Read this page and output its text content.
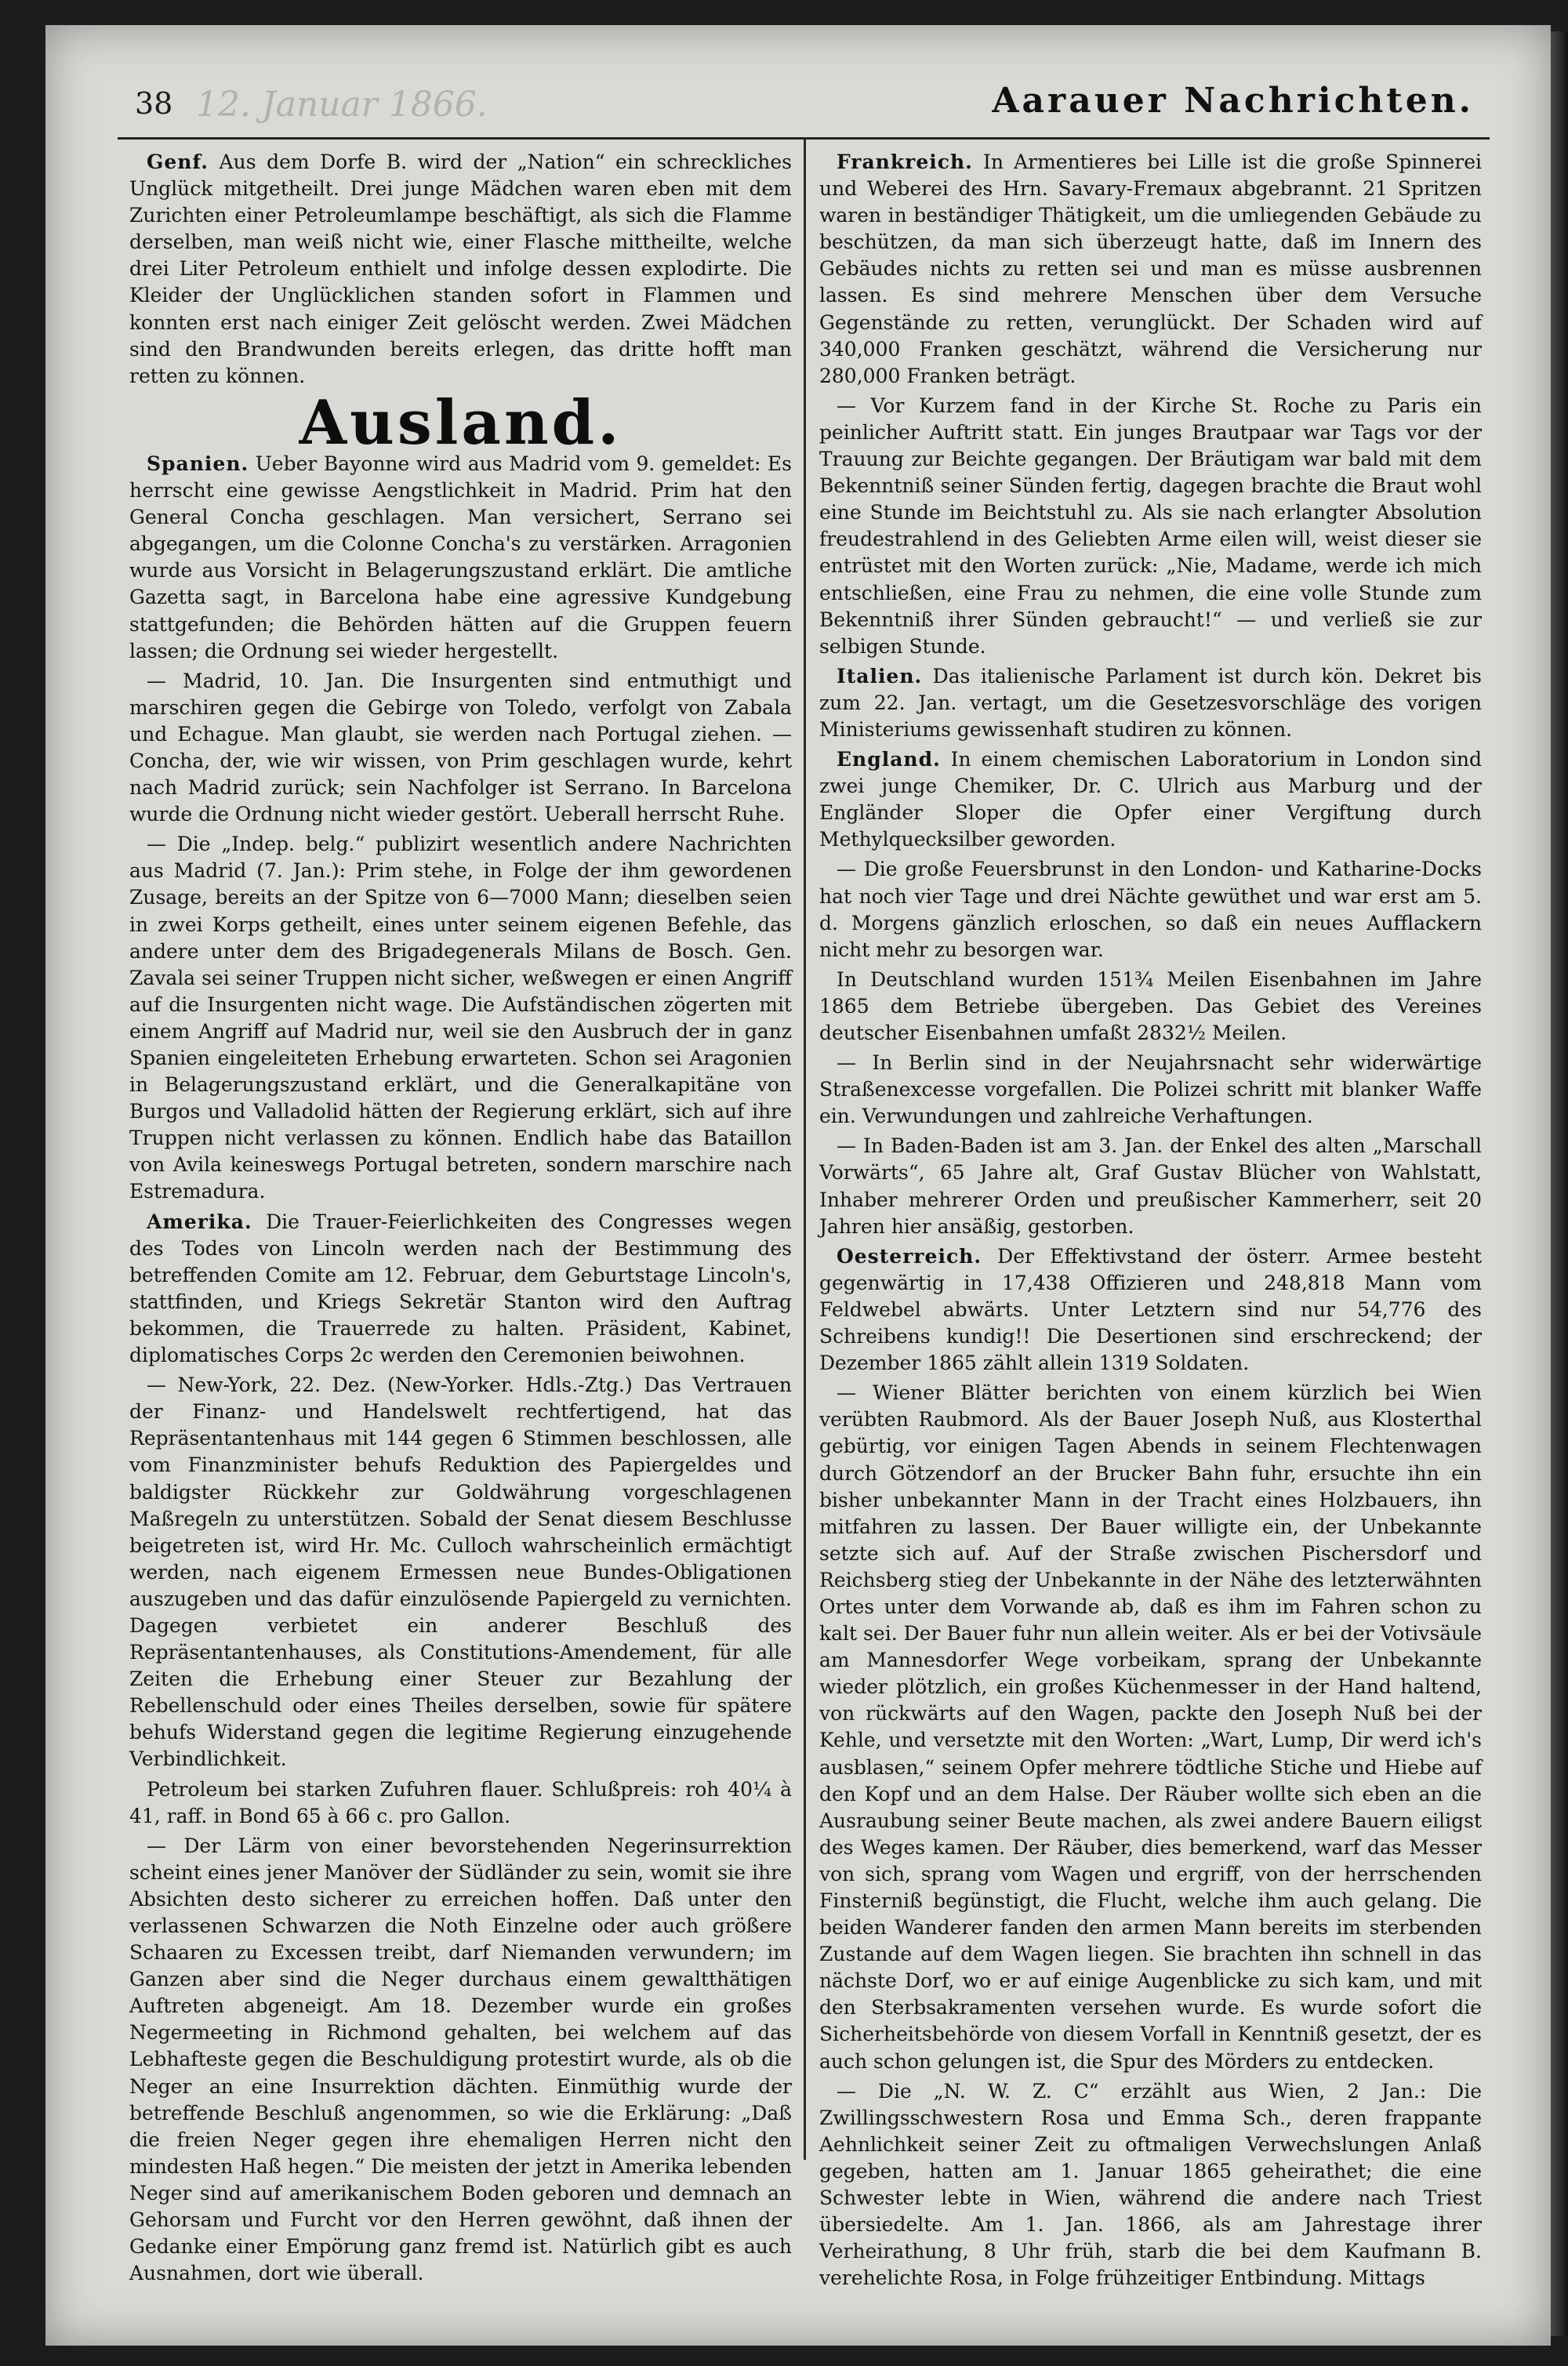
12. Januar 1866.
38	Aarauer Nachrichten.

Genf. Aus dem Dorfe B. wird der „Nation“ ein schreckliches Unglück mitgetheilt. Drei junge Mädchen waren eben mit dem Zurichten einer Petroleumlampe beschäftigt, als sich die Flamme derselben, man weiß nicht wie, einer Flasche mittheilte, welche drei Liter Petroleum enthielt und infolge dessen explodirte. Die Kleider der Unglücklichen standen sofort in Flammen und konnten erst nach einiger Zeit gelöscht werden. Zwei Mädchen sind den Brandwunden bereits erlegen, das dritte hofft man retten zu können.

Ausland.

Spanien. Ueber Bayonne wird aus Madrid vom 9. gemeldet: Es herrscht eine gewisse Aengstlichkeit in Madrid. Prim hat den General Concha geschlagen. Man versichert, Serrano sei abgegangen, um die Colonne Concha's zu verstärken. Arragonien wurde aus Vorsicht in Belagerungszustand erklärt. Die amtliche Gazetta sagt, in Barcelona habe eine agressive Kundgebung stattgefunden; die Behörden hätten auf die Gruppen feuern lassen; die Ordnung sei wieder hergestellt.

— Madrid, 10. Jan. Die Insurgenten sind entmuthigt und marschiren gegen die Gebirge von Toledo, verfolgt von Zabala und Echague. Man glaubt, sie werden nach Portugal ziehen. — Concha, der, wie wir wissen, von Prim geschlagen wurde, kehrt nach Madrid zurück; sein Nachfolger ist Serrano. In Barcelona wurde die Ordnung nicht wieder gestört. Ueberall herrscht Ruhe.

— Die „Indep. belg.“ publizirt wesentlich andere Nachrichten aus Madrid (7. Jan.): Prim stehe, in Folge der ihm gewordenen Zusage, bereits an der Spitze von 6—7000 Mann; dieselben seien in zwei Korps getheilt, eines unter seinem eigenen Befehle, das andere unter dem des Brigadegenerals Milans de Bosch. Gen. Zavala sei seiner Truppen nicht sicher, weßwegen er einen Angriff auf die Insurgenten nicht wage. Die Aufständischen zögerten mit einem Angriff auf Madrid nur, weil sie den Ausbruch der in ganz Spanien eingeleiteten Erhebung erwarteten. Schon sei Aragonien in Belagerungszustand erklärt, und die Generalkapitäne von Burgos und Valladolid hätten der Regierung erklärt, sich auf ihre Truppen nicht verlassen zu können. Endlich habe das Bataillon von Avila keineswegs Portugal betreten, sondern marschire nach Estremadura.

Amerika. Die Trauer-Feierlichkeiten des Congresses wegen des Todes von Lincoln werden nach der Bestimmung des betreffenden Comite am 12. Februar, dem Geburtstage Lincoln's, stattfinden, und Kriegs Sekretär Stanton wird den Auftrag bekommen, die Trauerrede zu halten. Präsident, Kabinet, diplomatisches Corps 2c werden den Ceremonien beiwohnen.

— New-York, 22. Dez. (New-Yorker. Hdls.-Ztg.) Das Vertrauen der Finanz- und Handelswelt rechtfertigend, hat das Repräsentantenhaus mit 144 gegen 6 Stimmen beschlossen, alle vom Finanzminister behufs Reduktion des Papiergeldes und baldigster Rückkehr zur Goldwährung vorgeschlagenen Maßregeln zu unterstützen. Sobald der Senat diesem Beschlusse beigetreten ist, wird Hr. Mc. Culloch wahrscheinlich ermächtigt werden, nach eigenem Ermessen neue Bundes-Obligationen auszugeben und das dafür einzulösende Papiergeld zu vernichten. Dagegen verbietet ein anderer Beschluß des Repräsentantenhauses, als Constitutions-Amendement, für alle Zeiten die Erhebung einer Steuer zur Bezahlung der Rebellenschuld oder eines Theiles derselben, sowie für spätere behufs Widerstand gegen die legitime Regierung einzugehende Verbindlichkeit.

Petroleum bei starken Zufuhren flauer. Schlußpreis: roh 40¼ à 41, raff. in Bond 65 à 66 c. pro Gallon.

— Der Lärm von einer bevorstehenden Negerinsurrektion scheint eines jener Manöver der Südländer zu sein, womit sie ihre Absichten desto sicherer zu erreichen hoffen. Daß unter den verlassenen Schwarzen die Noth Einzelne oder auch größere Schaaren zu Excessen treibt, darf Niemanden verwundern; im Ganzen aber sind die Neger durchaus einem gewaltthätigen Auftreten abgeneigt. Am 18. Dezember wurde ein großes Negermeeting in Richmond gehalten, bei welchem auf das Lebhafteste gegen die Beschuldigung protestirt wurde, als ob die Neger an eine Insurrektion dächten. Einmüthig wurde der betreffende Beschluß angenommen, so wie die Erklärung: „Daß die freien Neger gegen ihre ehemaligen Herren nicht den mindesten Haß hegen.“ Die meisten der jetzt in Amerika lebenden Neger sind auf amerikanischem Boden geboren und demnach an Gehorsam und Furcht vor den Herren gewöhnt, daß ihnen der Gedanke einer Empörung ganz fremd ist. Natürlich gibt es auch Ausnahmen, dort wie überall.

Frankreich. In Armentieres bei Lille ist die große Spinnerei und Weberei des Hrn. Savary-Fremaux abgebrannt. 21 Spritzen waren in beständiger Thätigkeit, um die umliegenden Gebäude zu beschützen, da man sich überzeugt hatte, daß im Innern des Gebäudes nichts zu retten sei und man es müsse ausbrennen lassen. Es sind mehrere Menschen über dem Versuche Gegenstände zu retten, verunglückt. Der Schaden wird auf 340,000 Franken geschätzt, während die Versicherung nur 280,000 Franken beträgt.

— Vor Kurzem fand in der Kirche St. Roche zu Paris ein peinlicher Auftritt statt. Ein junges Brautpaar war Tags vor der Trauung zur Beichte gegangen. Der Bräutigam war bald mit dem Bekenntniß seiner Sünden fertig, dagegen brachte die Braut wohl eine Stunde im Beichtstuhl zu. Als sie nach erlangter Absolution freudestrahlend in des Geliebten Arme eilen will, weist dieser sie entrüstet mit den Worten zurück: „Nie, Madame, werde ich mich entschließen, eine Frau zu nehmen, die eine volle Stunde zum Bekenntniß ihrer Sünden gebraucht!“ — und verließ sie zur selbigen Stunde.

Italien. Das italienische Parlament ist durch kön. Dekret bis zum 22. Jan. vertagt, um die Gesetzesvorschläge des vorigen Ministeriums gewissenhaft studiren zu können.

England. In einem chemischen Laboratorium in London sind zwei junge Chemiker, Dr. C. Ulrich aus Marburg und der Engländer Sloper die Opfer einer Vergiftung durch Methylquecksilber geworden.

— Die große Feuersbrunst in den London- und Katharine-Docks hat noch vier Tage und drei Nächte gewüthet und war erst am 5. d. Morgens gänzlich erloschen, so daß ein neues Aufflackern nicht mehr zu besorgen war.

In Deutschland wurden 151¾ Meilen Eisenbahnen im Jahre 1865 dem Betriebe übergeben. Das Gebiet des Vereines deutscher Eisenbahnen umfaßt 2832½ Meilen.

— In Berlin sind in der Neujahrsnacht sehr widerwärtige Straßenexcesse vorgefallen. Die Polizei schritt mit blanker Waffe ein. Verwundungen und zahlreiche Verhaftungen.

— In Baden-Baden ist am 3. Jan. der Enkel des alten „Marschall Vorwärts“, 65 Jahre alt, Graf Gustav Blücher von Wahlstatt, Inhaber mehrerer Orden und preußischer Kammerherr, seit 20 Jahren hier ansäßig, gestorben.

Oesterreich. Der Effektivstand der österr. Armee besteht gegenwärtig in 17,438 Offizieren und 248,818 Mann vom Feldwebel abwärts. Unter Letztern sind nur 54,776 des Schreibens kundig!! Die Desertionen sind erschreckend; der Dezember 1865 zählt allein 1319 Soldaten.

— Wiener Blätter berichten von einem kürzlich bei Wien verübten Raubmord. Als der Bauer Joseph Nuß, aus Klosterthal gebürtig, vor einigen Tagen Abends in seinem Flechtenwagen durch Götzendorf an der Brucker Bahn fuhr, ersuchte ihn ein bisher unbekannter Mann in der Tracht eines Holzbauers, ihn mitfahren zu lassen. Der Bauer willigte ein, der Unbekannte setzte sich auf. Auf der Straße zwischen Pischersdorf und Reichsberg stieg der Unbekannte in der Nähe des letzterwähnten Ortes unter dem Vorwande ab, daß es ihm im Fahren schon zu kalt sei. Der Bauer fuhr nun allein weiter. Als er bei der Votivsäule am Mannesdorfer Wege vorbeikam, sprang der Unbekannte wieder plötzlich, ein großes Küchenmesser in der Hand haltend, von rückwärts auf den Wagen, packte den Joseph Nuß bei der Kehle, und versetzte mit den Worten: „Wart, Lump, Dir werd ich's ausblasen,“ seinem Opfer mehrere tödtliche Stiche und Hiebe auf den Kopf und an dem Halse. Der Räuber wollte sich eben an die Ausraubung seiner Beute machen, als zwei andere Bauern eiligst des Weges kamen. Der Räuber, dies bemerkend, warf das Messer von sich, sprang vom Wagen und ergriff, von der herrschenden Finsterniß begünstigt, die Flucht, welche ihm auch gelang. Die beiden Wanderer fanden den armen Mann bereits im sterbenden Zustande auf dem Wagen liegen. Sie brachten ihn schnell in das nächste Dorf, wo er auf einige Augenblicke zu sich kam, und mit den Sterbsakramenten versehen wurde. Es wurde sofort die Sicherheitsbehörde von diesem Vorfall in Kenntniß gesetzt, der es auch schon gelungen ist, die Spur des Mörders zu entdecken.

— Die „N. W. Z. C“ erzählt aus Wien, 2 Jan.: Die Zwillingsschwestern Rosa und Emma Sch., deren frappante Aehnlichkeit seiner Zeit zu oftmaligen Verwechslungen Anlaß gegeben, hatten am 1. Januar 1865 geheirathet; die eine Schwester lebte in Wien, während die andere nach Triest übersiedelte. Am 1. Jan. 1866, als am Jahrestage ihrer Verheirathung, 8 Uhr früh, starb die bei dem Kaufmann B. verehelichte Rosa, in Folge frühzeitiger Entbindung. Mittags
